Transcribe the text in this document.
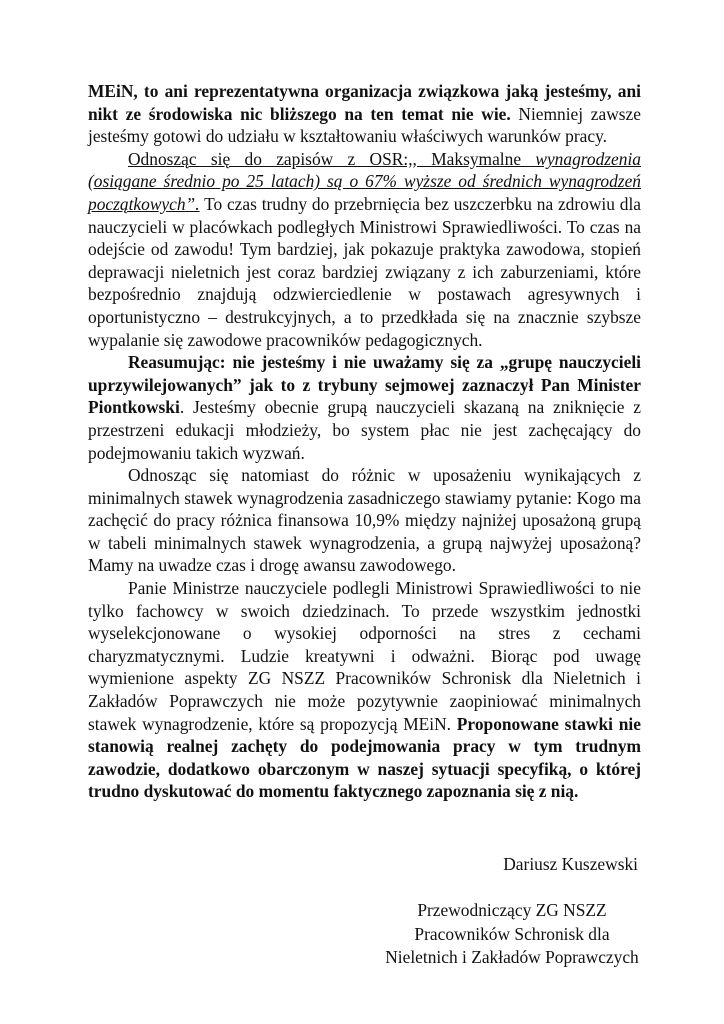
MEiN, to ani reprezentatywna organizacja związkowa jaką jesteśmy, ani nikt ze środowiska nic bliższego na ten temat nie wie. Niemniej zawsze jesteśmy gotowi do udziału w kształtowaniu właściwych warunków pracy.

Odnosząc się do zapisów z OSR:,, Maksymalne wynagrodzenia (osiągane średnio po 25 latach) są o 67% wyższe od średnich wynagrodzeń początkowych”. To czas trudny do przebrnięcia bez uszczerbku na zdrowiu dla nauczycieli w placówkach podległych Ministrowi Sprawiedliwości. To czas na odejście od zawodu! Tym bardziej, jak pokazuje praktyka zawodowa, stopień deprawacji nieletnich jest coraz bardziej związany z ich zaburzeniami, które bezpośrednio znajdują odzwierciedlenie w postawach agresywnych i oportunistyczno – destrukcyjnych, a to przedkłada się na znacznie szybsze wypalanie się zawodowe pracowników pedagogicznych.

Reasumując: nie jesteśmy i nie uważamy się za „grupę nauczycieli uprzywilejowanych” jak to z trybuny sejmowej zaznaczył Pan Minister Piontkowski. Jesteśmy obecnie grupą nauczycieli skazaną na zniknięcie z przestrzeni edukacji młodzieży, bo system płac nie jest zachęcający do podejmowaniu takich wyzwań.

Odnosząc się natomiast do różnic w uposażeniu wynikających z minimalnych stawek wynagrodzenia zasadniczego stawiamy pytanie: Kogo ma zachęcić do pracy różnica finansowa 10,9% między najniżej uposażoną grupą w tabeli minimalnych stawek wynagrodzenia, a grupą najwyżej uposażoną? Mamy na uwadze czas i drogę awansu zawodowego.

Panie Ministrze nauczyciele podlegli Ministrowi Sprawiedliwości to nie tylko fachowcy w swoich dziedzinach. To przede wszystkim jednostki wyselekcjonowane o wysokiej odporności na stres z cechami charyzmatycznymi. Ludzie kreatywni i odważni. Biorąc pod uwagę wymienione aspekty ZG NSZZ Pracowników Schronisk dla Nieletnich i Zakładów Poprawczych nie może pozytywnie zaopiniować minimalnych stawek wynagrodzenie, które są propozycją MEiN. Proponowane stawki nie stanowią realnej zachęty do podejmowania pracy w tym trudnym zawodzie, dodatkowo obarczonym w naszej sytuacji specyfiką, o której trudno dyskutować do momentu faktycznego zapoznania się z nią.

Dariusz Kuszewski
Przewodniczący ZG NSZZ
Pracowników Schronisk dla
Nieletnich i Zakładów Poprawczych
